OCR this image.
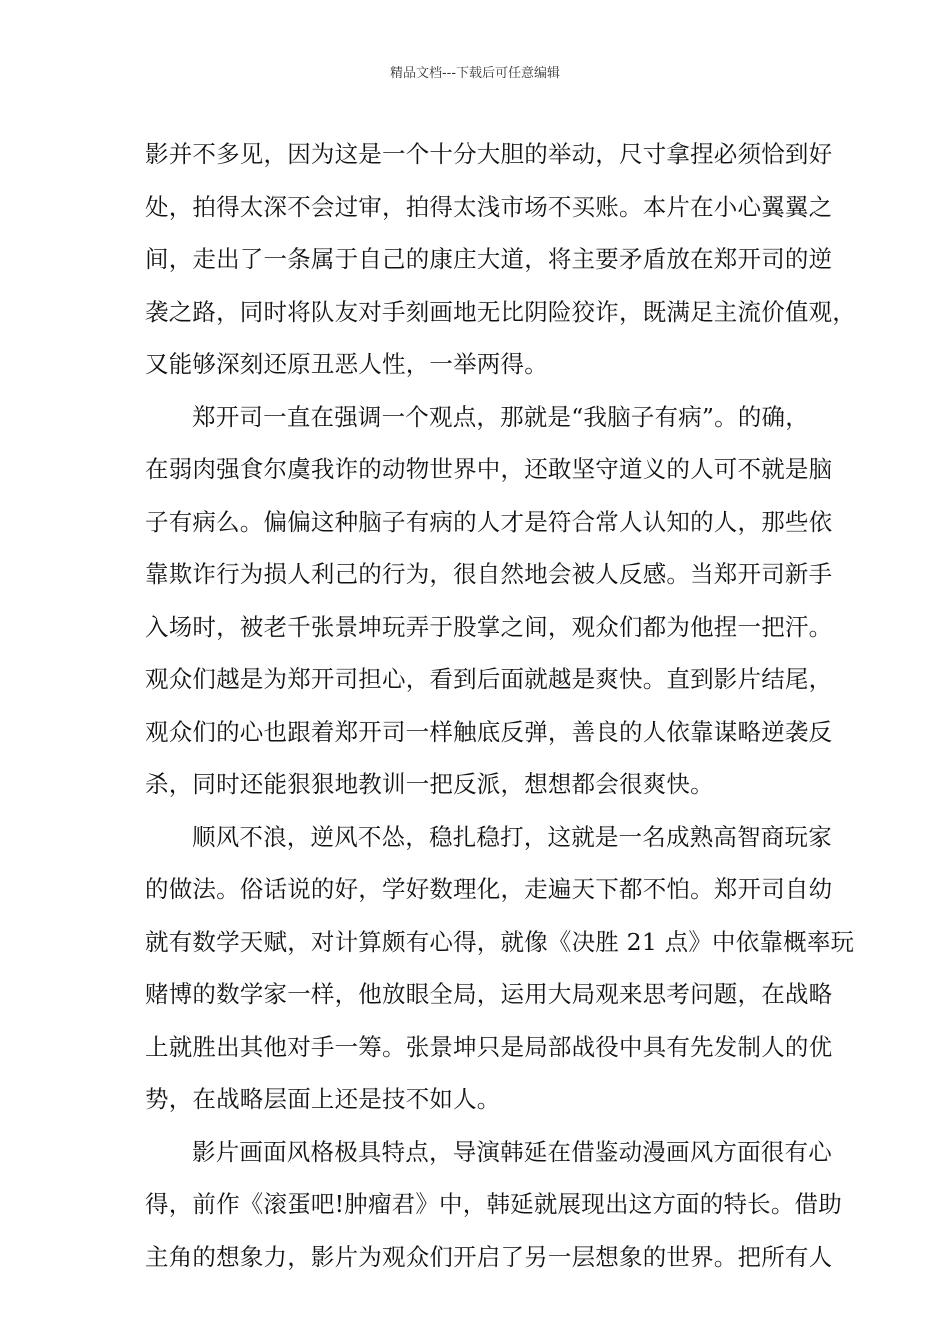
精品文档---下载后可任意编辑
影并不多见，因为这是一个十分大胆的举动，尺寸拿捏必须恰到好
处，拍得太深不会过审，拍得太浅市场不买账。本片在小心翼翼之
间，走出了一条属于自己的康庄大道，将主要矛盾放在郑开司的逆
袭之路，同时将队友对手刻画地无比阴险狡诈，既满足主流价值观，
又能够深刻还原丑恶人性，一举两得。
郑开司一直在强调一个观点，那就是“我脑子有病”。的确，
在弱肉强食尔虞我诈的动物世界中，还敢坚守道义的人可不就是脑
子有病么。偏偏这种脑子有病的人才是符合常人认知的人，那些依
靠欺诈行为损人利己的行为，很自然地会被人反感。当郑开司新手
入场时，被老千张景坤玩弄于股掌之间，观众们都为他捏一把汗。
观众们越是为郑开司担心，看到后面就越是爽快。直到影片结尾，
观众们的心也跟着郑开司一样触底反弹，善良的人依靠谋略逆袭反
杀，同时还能狠狠地教训一把反派，想想都会很爽快。
顺风不浪，逆风不怂，稳扎稳打，这就是一名成熟高智商玩家
的做法。俗话说的好，学好数理化，走遍天下都不怕。郑开司自幼
就有数学天赋，对计算颇有心得，就像《决胜 21 点》中依靠概率玩
赌博的数学家一样，他放眼全局，运用大局观来思考问题，在战略
上就胜出其他对手一筹。张景坤只是局部战役中具有先发制人的优
势，在战略层面上还是技不如人。
影片画面风格极具特点，导演韩延在借鉴动漫画风方面很有心
得，前作《滚蛋吧!肿瘤君》中，韩延就展现出这方面的特长。借助
主角的想象力，影片为观众们开启了另一层想象的世界。把所有人
